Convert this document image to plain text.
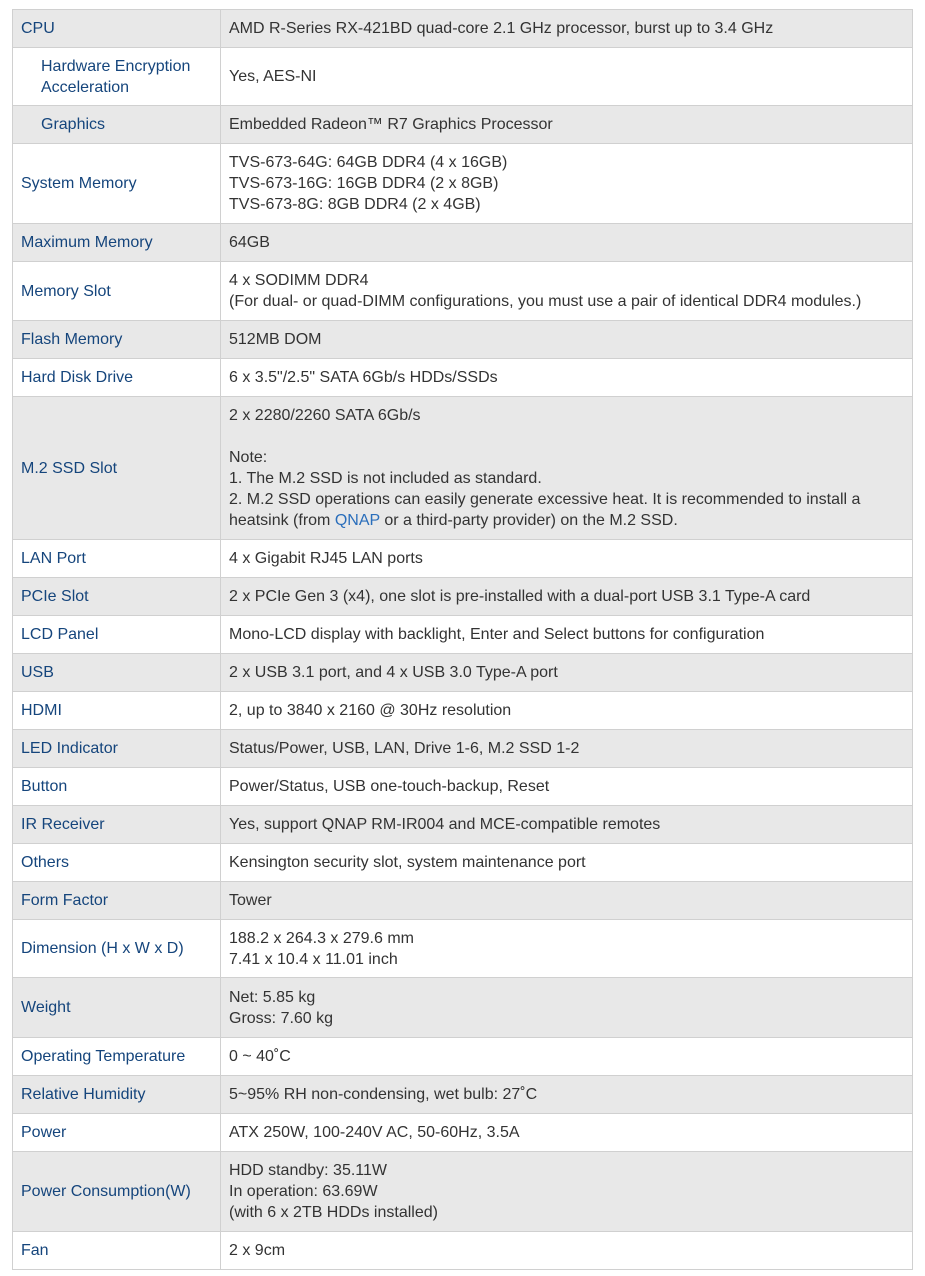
CPU	AMD R-Series RX-421BD quad-core 2.1 GHz processor, burst up to 3.4 GHz

Hardware Encryption Acceleration	Yes, AES-NI

Graphics	Embedded Radeon™ R7 Graphics Processor

System Memory	TVS-673-64G: 64GB DDR4 (4 x 16GB)
TVS-673-16G: 16GB DDR4 (2 x 8GB)
TVS-673-8G: 8GB DDR4 (2 x 4GB)

Maximum Memory	64GB

Memory Slot	4 x SODIMM DDR4
(For dual- or quad-DIMM configurations, you must use a pair of identical DDR4 modules.)

Flash Memory	512MB DOM

Hard Disk Drive	6 x 3.5"/2.5" SATA 6Gb/s HDDs/SSDs

M.2 SSD Slot	2 x 2280/2260 SATA 6Gb/s
Note:
1. The M.2 SSD is not included as standard.
2. M.2 SSD operations can easily generate excessive heat. It is recommended to install a heatsink (from QNAP or a third-party provider) on the M.2 SSD.

LAN Port	4 x Gigabit RJ45 LAN ports

PCIe Slot	2 x PCIe Gen 3 (x4), one slot is pre-installed with a dual-port USB 3.1 Type-A card

LCD Panel	Mono-LCD display with backlight, Enter and Select buttons for configuration

USB	2 x USB 3.1 port, and 4 x USB 3.0 Type-A port

HDMI	2, up to 3840 x 2160 @ 30Hz resolution

LED Indicator	Status/Power, USB, LAN, Drive 1-6, M.2 SSD 1-2

Button	Power/Status, USB one-touch-backup, Reset

IR Receiver	Yes, support QNAP RM-IR004 and MCE-compatible remotes

Others	Kensington security slot, system maintenance port

Form Factor	Tower

Dimension (H x W x D)	188.2 x 264.3 x 279.6 mm
7.41 x 10.4 x 11.01 inch

Weight	Net: 5.85 kg
Gross: 7.60 kg

Operating Temperature	0 ~ 40˚C

Relative Humidity	5~95% RH non-condensing, wet bulb: 27˚C

Power	ATX 250W, 100-240V AC, 50-60Hz, 3.5A

Power Consumption(W)	HDD standby: 35.11W
In operation: 63.69W
(with 6 x 2TB HDDs installed)

Fan	2 x 9cm
